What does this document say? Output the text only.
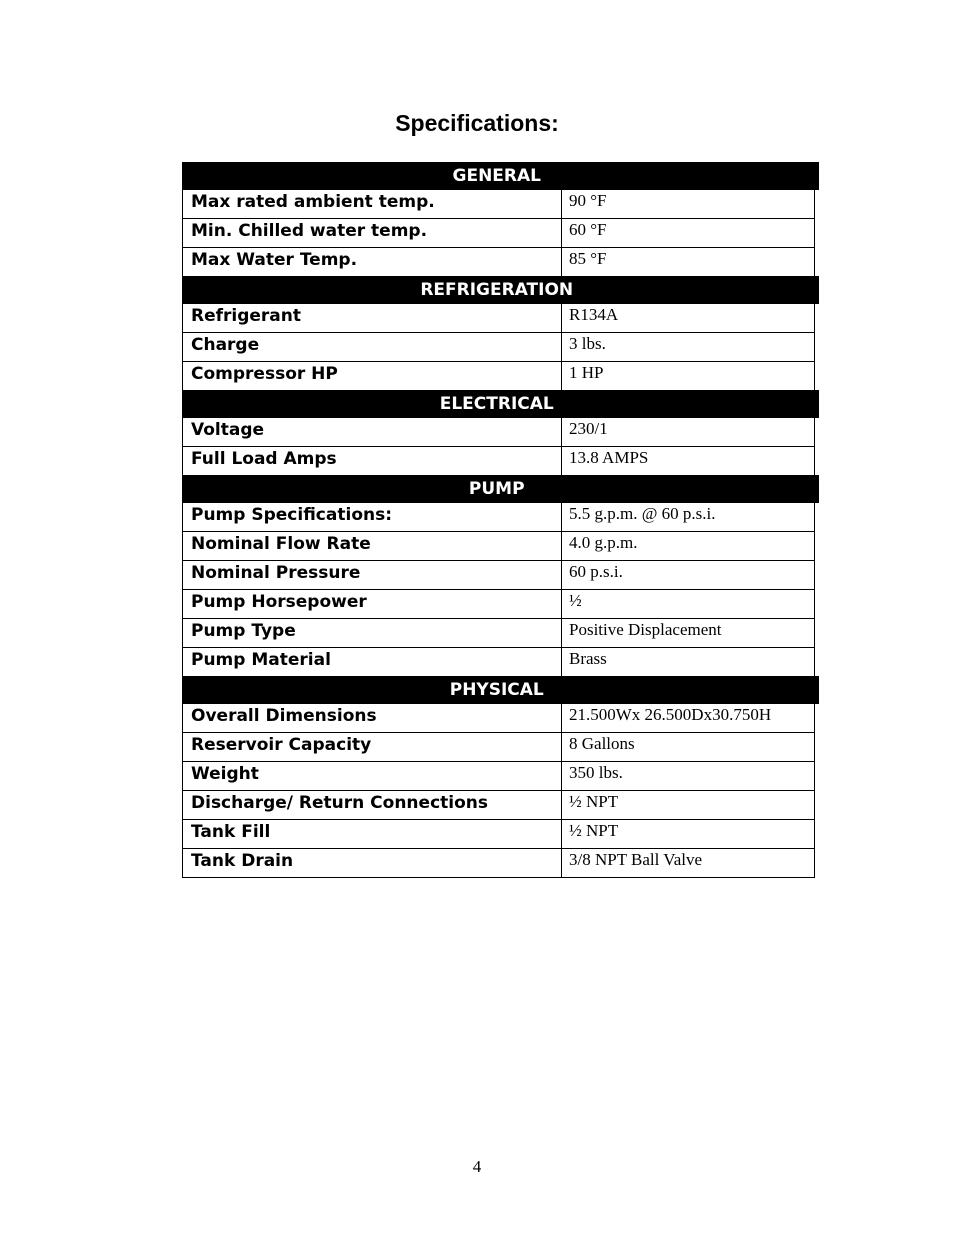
Specifications:
GENERAL	
Max rated ambient temp.	90 °F
Min. Chilled water temp.	60 °F
Max Water Temp.	85 °F
REFRIGERATION	
Refrigerant	R134A
Charge	3 lbs.
Compressor HP	1 HP
ELECTRICAL	
Voltage	230/1
Full Load Amps	13.8 AMPS
PUMP	
Pump Specifications:	5.5 g.p.m. @ 60 p.s.i.
Nominal Flow Rate	4.0 g.p.m.
Nominal Pressure	60 p.s.i.
Pump Horsepower	½
Pump Type	Positive Displacement
Pump Material	Brass
PHYSICAL	
Overall Dimensions	21.500Wx 26.500Dx30.750H
Reservoir Capacity	8 Gallons
Weight	350 lbs.
Discharge/ Return Connections	½ NPT
Tank Fill	½ NPT
Tank Drain	3/8 NPT Ball Valve
4
